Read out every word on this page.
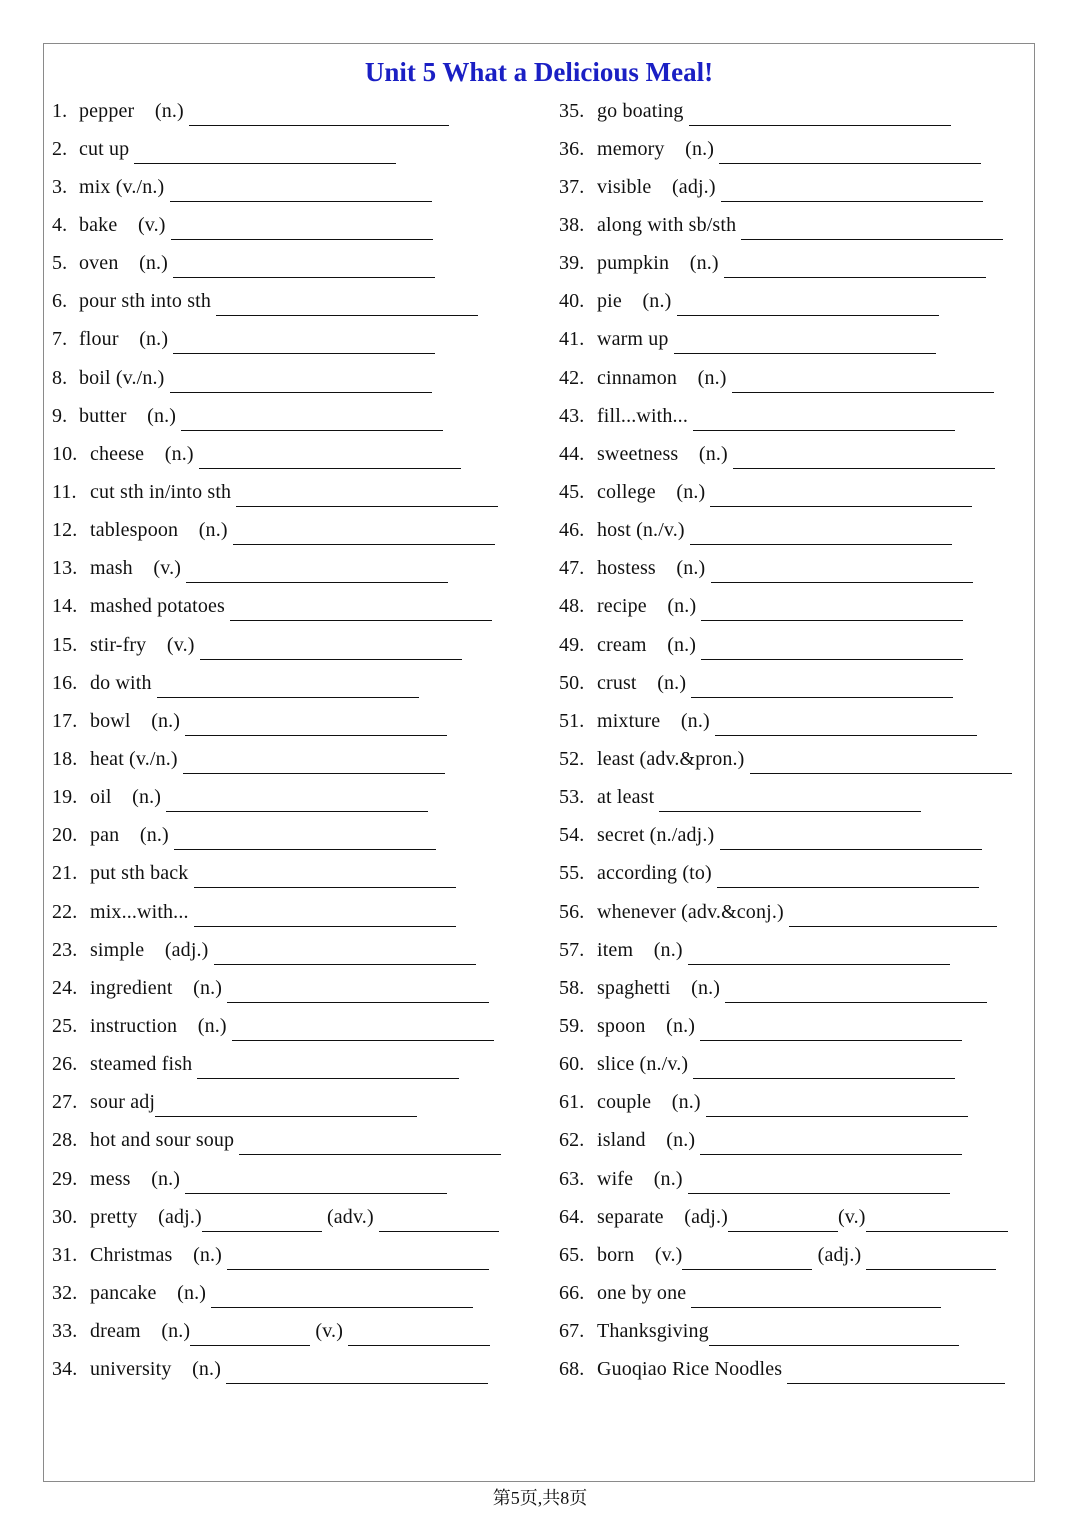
Unit 5 What a Delicious Meal!
1. pepper    (n.)
2. cut up
3. mix (v./n.)
4. bake    (v.)
5. oven    (n.)
6. pour sth into sth
7. flour    (n.)
8. boil (v./n.)
9. butter    (n.)
10. cheese    (n.)
11. cut sth in/into sth
12. tablespoon    (n.)
13. mash    (v.)
14. mashed potatoes
15. stir-fry    (v.)
16. do with
17. bowl    (n.)
18. heat (v./n.)
19. oil    (n.)
20. pan    (n.)
21. put sth back
22. mix...with...
23. simple    (adj.)
24. ingredient    (n.)
25. instruction    (n.)
26. steamed fish
27. sour adj
28. hot and sour soup
29. mess    (n.)
30. pretty    (adj.)	(adv.)
31. Christmas    (n.)
32. pancake    (n.)
33. dream    (n.)	(v.)
34. university    (n.)
35. go boating
36. memory    (n.)
37. visible    (adj.)
38. along with sb/sth
39. pumpkin    (n.)
40. pie    (n.)
41. warm up
42. cinnamon    (n.)
43. fill...with...
44. sweetness    (n.)
45. college    (n.)
46. host (n./v.)
47. hostess    (n.)
48. recipe    (n.)
49. cream    (n.)
50. crust    (n.)
51. mixture    (n.)
52. least (adv.&pron.)
53. at least
54. secret (n./adj.)
55. according (to)
56. whenever (adv.&conj.)
57. item    (n.)
58. spaghetti    (n.)
59. spoon    (n.)
60. slice (n./v.)
61. couple    (n.)
62. island    (n.)
63. wife    (n.)
64. separate    (adj.)	(v.)
65. born    (v.)	(adj.)
66. one by one
67. Thanksgiving
68. Guoqiao Rice Noodles
第5页,共8页
